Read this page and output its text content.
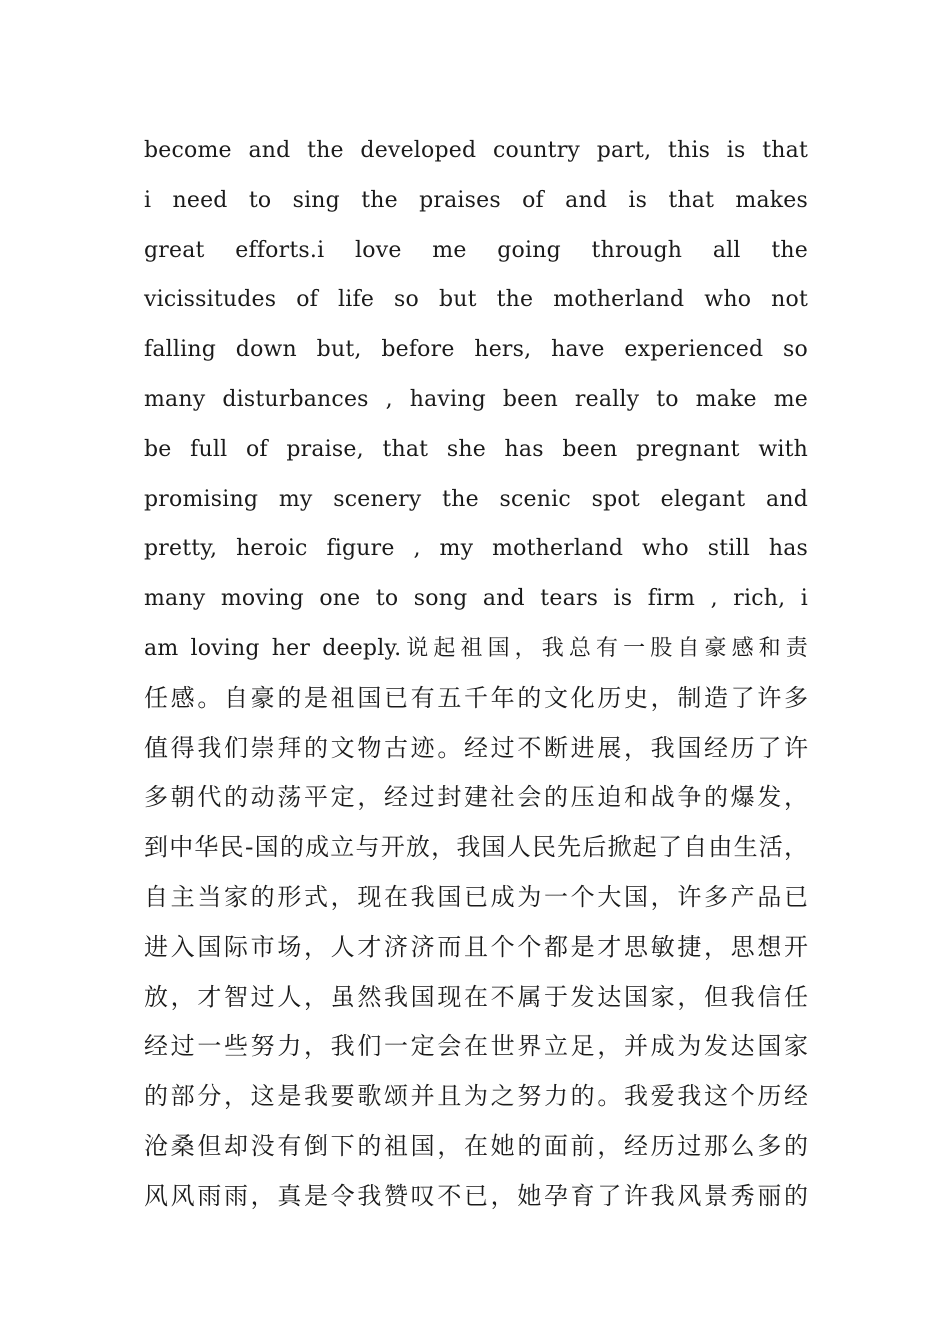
become and the developed country part, this is that
i need to sing the praises of and is that makes
great efforts.i love me going through all the
vicissitudes of life so but the motherland who not
falling down but, before hers, have experienced so
many disturbances , having been really to make me
be full of praise, that she has been pregnant with
promising my scenery the scenic spot elegant and
pretty, heroic figure , my motherland who still has
many moving one to song and tears is firm , rich, i
am loving her deeply.说起祖国，我总有一股自豪感和责
任感。自豪的是祖国已有五千年的文化历史，制造了许多
值得我们崇拜的文物古迹。经过不断进展，我国经历了许
多朝代的动荡平定，经过封建社会的压迫和战争的爆发，
到中华民-国的成立与开放，我国人民先后掀起了自由生活，
自主当家的形式，现在我国已成为一个大国，许多产品已
进入国际市场，人才济济而且个个都是才思敏捷，思想开
放，才智过人，虽然我国现在不属于发达国家，但我信任
经过一些努力，我们一定会在世界立足，并成为发达国家
的部分，这是我要歌颂并且为之努力的。我爱我这个历经
沧桑但却没有倒下的祖国，在她的面前，经历过那么多的
风风雨雨，真是令我赞叹不已，她孕育了许我风景秀丽的
